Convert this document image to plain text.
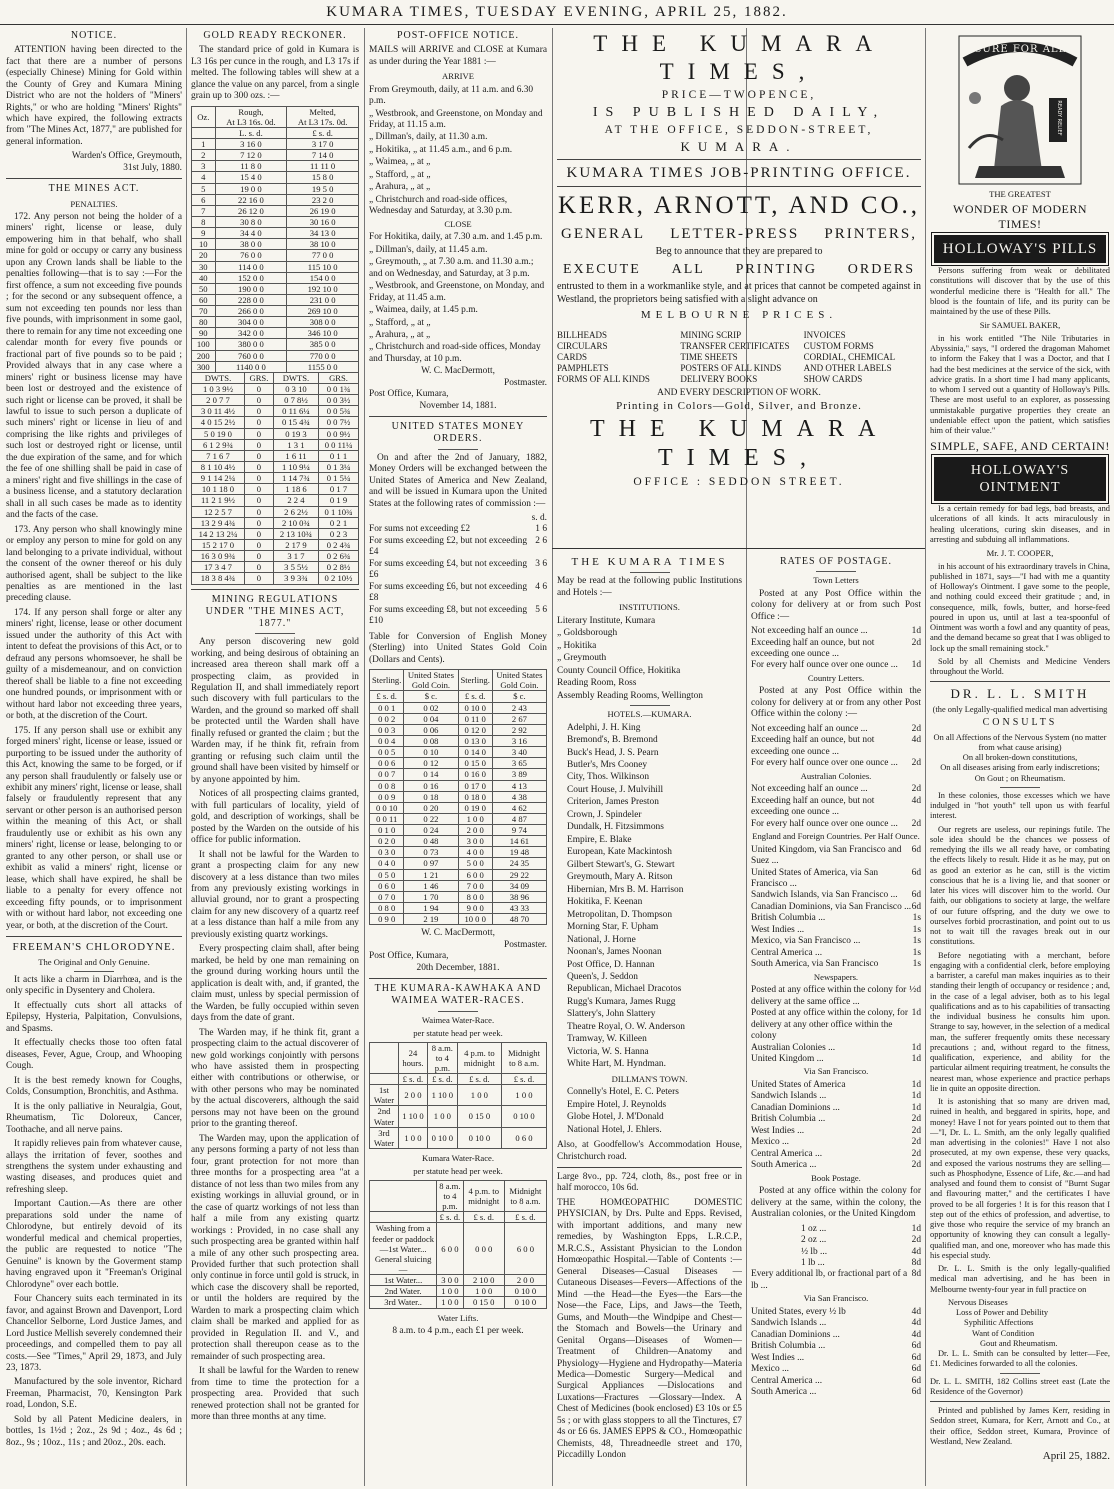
KUMARA TIMES, TUESDAY EVENING, APRIL 25, 1882.
NOTICE.

ATTENTION having been directed to the fact that there are a number of persons (especially Chinese) Mining for Gold within the County of Grey and Kumara Mining District who are not the holders of "Miners' Rights," or who are holding "Miners' Rights" which have expired, the following extracts from "The Mines Act, 1877," are published for general information.

Warden's Office, Greymouth,
31st July, 1880.
THE MINES ACT.
PENALTIES.

172. Any person not being the holder of a miners' right, license or lease, duly empowering him in that behalf, who shall mine for gold or occupy or carry any business upon any Crown lands shall be liable to the penalties following—that is to say :—For the first offence, a sum not exceeding five pounds ; for the second or any subsequent offence, a sum not exceeding ten pounds nor less than five pounds, with imprisonment in some gaol, there to remain for any time not exceeding one calendar month for every five pounds or fractional part of five pounds so to be paid ; Provided always that in any case where a miners' right or business license may have been lost or destroyed and the existence of such right or license can be proved, it shall be lawful to issue to such person a duplicate of such miners' right or license in lieu of and comprising the like rights and privileges of such lost or destroyed right or license, until the due expiration of the same, and for which the fee of one shilling shall be paid in case of a miners' right and five shillings in the case of a business license, and a statutory declaration shall in all such cases be made as to identity and the facts of the case.

173. Any person who shall knowingly mine or employ any person to mine for gold on any land belonging to a private individual, without the consent of the owner thereof or his duly authorised agent, shall be subject to the like penalties as are mentioned in the last preceding clause.

174. If any person shall forge or alter any miners' right, license, lease or other document issued under the authority of this Act with intent to defeat the provisions of this Act, or to defraud any persons whomsoever, he shall be guilty of a misdemeanour, and on conviction thereof shall be liable to a fine not exceeding one hundred pounds, or imprisonment with or without hard labor not exceeding three years, or both, at the discretion of the Court.

175. If any person shall use or exhibit any forged miners' right, license or lease, issued or purporting to be issued under the authority of this Act, knowing the same to be forged, or if any person shall fraudulently or falsely use or exhibit any miners' right, license or lease, shall falsely or fraudulently represent that any servant or other person is an authorised person within the meaning of this Act, or shall fraudulently use or exhibit as his own any miners' right, license or lease, belonging to or granted to any other person, or shall use or exhibit as valid a miners' right, license or lease, which shall have expired, he shall be liable to a penalty for every offence not exceeding fifty pounds, or to imprisonment with or without hard labor, not exceeding one year, or both, at the discretion of the Court.

FREEMAN'S CHLORODYNE.
The Original and Only Genuine.

It acts like a charm in Diarrhœa, and is the only specific in Dysentery and Cholera.

It effectually cuts short all attacks of Epilepsy, Hysteria, Palpitation, Convulsions, and Spasms.

It effectually checks those too often fatal diseases, Fever, Ague, Croup, and Whooping Cough.

It is the best remedy known for Coughs, Colds, Consumption, Bronchitis, and Asthma.

It is the only palliative in Neuralgia, Gout, Rheumatism, Tic Doloreux, Cancer, Toothache, and all nerve pains.

It rapidly relieves pain from whatever cause, allays the irritation of fever, soothes and strengthens the system under exhausting and wasting diseases, and produces quiet and refreshing sleep.

Important Caution.—As there are other preparations sold under the name of Chlorodyne, but entirely devoid of its wonderful medical and chemical properties, the public are requested to notice "The Genuine" is known by the Goverment stamp having engraved upon it "Freeman's Original Chlorodyne" over each bottle.

Four Chancery suits each terminated in its favor, and against Brown and Davenport, Lord Chancellor Selborne, Lord Justice James, and Lord Justice Mellish severely condemned their proceedings, and compelled them to pay all costs.—See "Times," April 29, 1873, and July 23, 1873.

Manufactured by the sole inventor, Richard Freeman, Pharmacist, 70, Kensington Park road, London, S.E.

Sold by all Patent Medicine dealers, in bottles, 1s 1½d ; 2oz., 2s 9d ; 4oz., 4s 6d ; 8oz., 9s ; 10oz., 11s ; and 20oz., 20s. each.

GOLD READY RECKONER.

The standard price of gold in Kumara is L3 16s per cunce in the rough, and L3 17s if melted. The following tables will shew at a glance the value on any parcel, from a single grain up to 300 ozs. :—

Oz.	Rough,
At L3 16s. 0d.	Melted,
At L3 17s. 0d.
	L. s. d.	£ s. d.
1	3 16 0	3 17 0
2	7 12 0	7 14 0
3	11 8 0	11 11 0
4	15 4 0	15 8 0
5	19 0 0	19 5 0
6	22 16 0	23 2 0
7	26 12 0	26 19 0
8	30 8 0	30 16 0
9	34 4 0	34 13 0
10	38 0 0	38 10 0
20	76 0 0	77 0 0
30	114 0 0	115 10 0
40	152 0 0	154 0 0
50	190 0 0	192 10 0
60	228 0 0	231 0 0
70	266 0 0	269 10 0
80	304 0 0	308 0 0
90	342 0 0	346 10 0
100	380 0 0	385 0 0
200	760 0 0	770 0 0
300	1140 0 0	1155 0 0
DWTS.	GRS.	DWTS.	GRS.
1 0 3 9½	0	0 3 10	0 0 1¾
2 0 7 7	0	0 7 8½	0 0 3½
3 0 11 4½	0	0 11 6¼	0 0 5¾
4 0 15 2½	0	0 15 4¾	0 0 7½
5 0 19 0	0	0 19 3	0 0 9½
6 1 2 9¾	0	1 3 1	0 0 11¼
7 1 6 7	0	1 6 11	0 1 1
8 1 10 4½	0	1 10 9¼	0 1 3¼
9 1 14 2¼	0	1 14 7¾	0 1 5¼
10 1 18 0	0	1 18 6	0 1 7
11 2 1 9½	0	2 2 4	0 1 9
12 2 5 7	0	2 6 2½	0 1 10¾
13 2 9 4¾	0	2 10 0¾	0 2 1
14 2 13 2¼	0	2 13 10¾	0 2 3
15 2 17 0	0	2 17 9	0 2 4¾
16 3 0 9¾	0	3 1 7	0 2 6¾
17 3 4 7	0	3 5 5½	0 2 8½
18 3 8 4¾	0	3 9 3¾	0 2 10½
MINING REGULATIONS UNDER "THE MINES ACT, 1877."

Any person discovering new gold working, and being desirous of obtaining an increased area thereon shall mark off a prospecting claim, as provided in Regulation II, and shall immediately report such discovery with full particulars to the Warden, and the ground so marked off shall be protected until the Warden shall have finally refused or granted the claim ; but the Warden may, if he think fit, refrain from granting or refusing such claim until the ground shall have been visited by himself or by anyone appointed by him.

Notices of all prospecting claims granted, with full particulars of locality, yield of gold, and description of workings, shall be posted by the Warden on the outside of his office for public information.

It shall not be lawful for the Warden to grant a prospecting claim for any new discovery at a less distance than two miles from any previously existing workings in alluvial ground, nor to grant a prospecting claim for any new discovery of a quartz reef at a less distance than half a mile from any previously existing quartz workings.

Every prospecting claim shall, after being marked, be held by one man remaining on the ground during working hours until the application is dealt with, and, if granted, the claim must, unless by special permission of the Warden, be fully occupied within seven days from the date of grant.

The Warden may, if he think fit, grant a prospecting claim to the actual discoverer of new gold workings conjointly with persons who have assisted them in prospecting either with contributions or otherwise, or with other persons who may be nominated by the actual discoverers, although the said persons may not have been on the ground prior to the granting thereof.

The Warden may, upon the application of any persons forming a party of not less than four, grant protection for not more than three months for a prospecting area "at a distance of not less than two miles from any existing workings in alluvial ground, or in the case of quartz workings of not less than half a mile from any existing quartz workings : Provided, in no case shall any such prospecting area be granted within half a mile of any other such prospecting area. Provided further that such protection shall only continue in force until gold is struck, in which case the discovery shall be reported, or until the holders are required by the Warden to mark a prospecting claim which claim shall be marked and applied for as provided in Regulation II. and V., and protection shall thereupon cease as to the remainder of such prospecting area.

It shall be lawful for the Warden to renew from time to time the protection for a prospecting area. Provided that such renewed protection shall not be granted for more than three months at any time.

POST-OFFICE NOTICE.

MAILS will ARRIVE and CLOSE at Kumara as under during the Year 1881 :—

ARRIVE
From Greymouth, daily, at 11 a.m. and 6.30 p.m.
„ Westbrook, and Greenstone, on Monday and Friday, at 11.15 a.m.
„ Dillman's, daily, at 11.30 a.m.
„ Hokitika, „ at 11.45 a.m., and 6 p.m.
„ Waimea, „ at „
„ Stafford, „ at „
„ Arahura, „ at „
„ Christchurch and road-side offices, Wednesday and Saturday, at 3.30 p.m.
CLOSE
For Hokitika, daily, at 7.30 a.m. and 1.45 p.m.
„ Dillman's, daily, at 11.45 a.m.
„ Greymouth, „ at 7.30 a.m. and 11.30 a.m.; and on Wednesday, and Saturday, at 3 p.m.
„ Westbrook, and Greenstone, on Monday, and Friday, at 11.45 a.m.
„ Waimea, daily, at 1.45 p.m.
„ Stafford, „ at „
„ Arahura, „ at „
„ Christchurch and road-side offices, Monday and Thursday, at 10 p.m.
W. C. MacDermott,
Postmaster.
Post Office, Kumara,
November 14, 1881.
UNITED STATES MONEY ORDERS.

On and after the 2nd of January, 1882, Money Orders will be exchanged between the United States of America and New Zealand, and will be issued in Kumara upon the United States at the following rates of commission :—

s. d.
For sums not exceeding £2	1 6
For sums exceeding £2, but not exceeding £4
2 6
For sums exceeding £4, but not exceeding £6
3 6
For sums exceeding £6, but not exceeding £8
4 6
For sums exceeding £8, but not exceeding £10
5 6

Table for Conversion of English Money (Sterling) into United States Gold Coin (Dollars and Cents).

Sterling.	United States Gold Coin.	Sterling.	United States Gold Coin.
£ s. d.	$ c.	£ s. d.	$ c.
0 0 1	0 02	0 10 0	2 43
0 0 2	0 04	0 11 0	2 67
0 0 3	0 06	0 12 0	2 92
0 0 4	0 08	0 13 0	3 16
0 0 5	0 10	0 14 0	3 40
0 0 6	0 12	0 15 0	3 65
0 0 7	0 14	0 16 0	3 89
0 0 8	0 16	0 17 0	4 13
0 0 9	0 18	0 18 0	4 38
0 0 10	0 20	0 19 0	4 62
0 0 11	0 22	1 0 0	4 87
0 1 0	0 24	2 0 0	9 74
0 2 0	0 48	3 0 0	14 61
0 3 0	0 73	4 0 0	19 48
0 4 0	0 97	5 0 0	24 35
0 5 0	1 21	6 0 0	29 22
0 6 0	1 46	7 0 0	34 09
0 7 0	1 70	8 0 0	38 96
0 8 0	1 94	9 0 0	43 33
0 9 0	2 19	10 0 0	48 70
W. C. MacDermott,
Postmaster.
Post Office, Kumara,
20th December, 1881.
THE KUMARA-KAWHAKA AND WAIMEA WATER-RACES.
Waimea Water-Race.
per statute head per week.
	24 hours.	8 a.m. to 4 p.m.	4 p.m. to midnight	Midnight to 8 a.m.
	£ s. d.	£ s. d.	£ s. d.	£ s. d.
1st Water	2 0 0	1 10 0	1 0 0	1 0 0
2nd Water	1 10 0	1 0 0	0 15 0	0 10 0
3rd Water	1 0 0	0 10 0	0 10 0	0 6 0
Kumara Water-Race.
per statute head per week.
	8 a.m. to 4 p.m.	4 p.m. to midnight	Midnight to 8 a.m.
	£ s. d.	£ s. d.	£ s. d.
Washing from a feeder or paddock—1st Water... General sluicing—	6 0 0	0 0 0	6 0 0
1st Water...	3 0 0	2 10 0	2 0 0
2nd Water.	1 0 0	1 0 0	0 10 0
3rd Water..	1 0 0	0 15 0	0 10 0
Water Lifts.
8 a.m. to 4 p.m., each £1 per week.
THE KUMARA TIMES,
PRICE—TWOPENCE,
IS PUBLISHED DAILY,
AT THE OFFICE, SEDDON-STREET,
KUMARA.
KUMARA TIMES JOB-PRINTING OFFICE.
KERR, ARNOTT, AND CO.,
GENERAL LETTER-PRESS PRINTERS,
Beg to announce that they are prepared to
EXECUTE ALL PRINTING ORDERS

entrusted to them in a workmanlike style, and at prices that cannot be competed against in Westland, the proprietors being satisfied with a slight advance on

MELBOURNE PRICES.
BILLHEADS
CIRCULARS
CARDS
PAMPHLETS
FORMS OF ALL KINDS
MINING SCRIP
TRANSFER CERTIFICATES
TIME SHEETS
POSTERS OF ALL KINDS
DELIVERY BOOKS
INVOICES
CUSTOM FORMS
CORDIAL, CHEMICAL
AND OTHER LABELS
SHOW CARDS
AND EVERY DESCRIPTION OF WORK.
Printing in Colors—Gold, Silver, and Bronze.
THE KUMARA TIMES,
OFFICE : SEDDON STREET.
THE KUMARA TIMES

May be read at the following public Institutions and Hotels :—

INSTITUTIONS.
Literary Institute, Kumara
„ Goldsborough
„ Hokitika
„ Greymouth
County Council Office, Hokitika
Reading Room, Ross
Assembly Reading Rooms, Wellington
HOTELS.—KUMARA.
Adelphi, J. H. King
Bremond's, B. Bremond
Buck's Head, J. S. Pearn
Butler's, Mrs Cooney
City, Thos. Wilkinson
Court House, J. Mulvihill
Criterion, James Preston
Crown, J. Spindeler
Dundalk, H. Fitzsimmons
Empire, E. Blake
European, Kate Mackintosh
Gilbert Stewart's, G. Stewart
Greymouth, Mary A. Ritson
Hibernian, Mrs B. M. Harrison
Hokitika, F. Keenan
Metropolitan, D. Thompson
Morning Star, F. Upham
National, J. Horne
Noonan's, James Noonan
Post Office, D. Hannan
Queen's, J. Seddon
Republican, Michael Dracotos
Rugg's Kumara, James Rugg
Slattery's, John Slattery
Theatre Royal, O. W. Anderson
Tramway, W. Killeen
Victoria, W. S. Hanna
White Hart, M. Hyndman.
DILLMAN'S TOWN.
Connelly's Hotel, E. C. Peters
Empire Hotel, J. Reynolds
Globe Hotel, J. M'Donald
National Hotel, J. Ehlers.

Also, at Goodfellow's Accommodation House, Christchurch road.

Large 8vo., pp. 724, cloth, 8s., post free or in half morocco, 10s 6d.

THE HOMŒOPATHIC DOMESTIC PHYSICIAN, by Drs. Pulte and Epps. Revised, with important additions, and many new remedies, by Washington Epps, L.R.C.P., M.R.C.S., Assistant Physician to the London Homœopathic Hospital.—Table of Contents :—General Diseases—Casual Diseases — Cutaneous Diseases—Fevers—Affections of the Mind —the Head—the Eyes—the Ears—the Nose—the Face, Lips, and Jaws—the Teeth, Gums, and Mouth—the Windpipe and Chest—the Stomach and Bowels—the Urinary and Genital Organs—Diseases of Women—Treatment of Children—Anatomy and Physiology—Hygiene and Hydropathy—Materia Medica—Domestic Surgery—Medical and Surgical Appliances —Dislocations and Luxations—Fractures —Glossary—Index. A Chest of Medicines (book enclosed) £3 10s or £5 5s ; or with glass stoppers to all the Tinctures, £7 4s or £6 6s. JAMES EPPS & CO., Homœopathic Chemists, 48, Threadneedle street and 170, Piccadilly London

RATES OF POSTAGE.
Town Letters

Posted at any Post Office within the colony for delivery at or from such Post Office :—

Not exceeding half an ounce ...	1d
Exceeding half an ounce, but not exceeding one ounce ...
2d
For every half ounce over one ounce ...	1d
Country Letters.

Posted at any Post Office within the colony for delivery at or from any other Post Office within the colony :—

Not exceeding half an ounce ...	2d
Exceeding half an ounce, but not exceeding one ounce ...
4d
For every half ounce over one ounce ...	2d
Australian Colonies.
Not exceeding half an ounce ...	2d
Exceeding half an ounce, but not exceeding one ounce ...
4d
For every half ounce over one ounce ...	2d
England and Foreign Countries. Per Half Ounce.
United Kingdom, via San Francisco and Suez ...
6d
United States of America, via San Francisco ...
6d
Sandwich Islands, via San Francisco ...	6d
Canadian Dominions, via San Francisco ... 6d
British Columbia ...	1s
West Indies ...	1s
Mexico, via San Francisco ...	1s
Central America ...	1s
South America, via San Francisco	1s
Newspapers.
Posted at any office within the colony for delivery at the same office ...
½d
Posted at any office within the colony, for delivery at any other office within the colony
1d
Australian Colonies ...	1d
United Kingdom ...	1d
Via San Francisco.
United States of America	1d
Sandwich Islands ...	1d
Canadian Dominions ...	1d
British Columbia ...	2d
West Indies ...	2d
Mexico ...	2d
Central America ...	2d
South America ...	2d
Book Postage.

Posted at any office within the colony for delivery at the same, within the colony, the Australian colonies, or the United Kingdom

1 oz ...	1d
2 oz ...	2d
½ lb ...	4d
1 lb ...	8d
Every additional lb, or fractional part of a lb ...
8d
Via San Francisco.
United States, every ½ lb	4d
Sandwich Islands ...	4d
Canadian Dominions ...	4d
British Columbia ...	6d
West Indies ...	6d
Mexico ...	6d
Central America ...	6d
South America ...	6d
CURE FOR ALL
READY RELIEF
THE GREATEST
WONDER OF MODERN TIMES!
HOLLOWAY'S PILLS

Persons suffering from weak or debilitated constitutions will discover that by the use of this wonderful medicine there is "Health for all." The blood is the fountain of life, and its purity can be maintained by the use of these Pills.

Sir SAMUEL BAKER,

in his work entitled "The Nile Tributaries in Abyssinia," says, "I ordered the dragoman Mahomet to inform the Fakey that I was a Doctor, and that I had the best medicines at the service of the sick, with advice gratis. In a short time I had many applicants, to whom I served out a quantity of Holloway's Pills. These are most useful to an explorer, as possessing unmistakable purgative properties they create an undeniable effect upon the patient, which satisfies him of their value."

SIMPLE, SAFE, AND CERTAIN!
HOLLOWAY'S OINTMENT

Is a certain remedy for bad legs, bad breasts, and ulcerations of all kinds. It acts miraculously in healing ulcerations, curing skin diseases, and in arresting and subduing all inflammations.

Mr. J. T. COOPER,

in his account of his extraordinary travels in China, published in 1871, says—"I had with me a quantity of Holloway's Ointment. I gave some to the people, and nothing could exceed their gratitude ; and, in consequence, milk, fowls, butter, and horse-feed poured in upon us, until at last a tea-spoonful of Ointment was worth a fowl and any quantity of peas, and the demand became so great that I was obliged to lock up the small remaining stock."

Sold by all Chemists and Medicine Venders throughout the World.

DR. L. L. SMITH
(the only Legally-qualified medical man advertising
CONSULTS
On all Affections of the Nervous System (no matter from what cause arising)
On all broken-down constitutions,
On all diseases arising from early indiscretions;
On Gout ; on Rheumatism.

In these colonies, those excesses which we have indulged in "hot youth" tell upon us with fearful interest.

Our regrets are useless, our repinings futile. The sole idea should be the chances we possess of remedying the ills we all ready have, or combating the effects likely to result. Hide it as he may, put on as good an exterior as he can, still is the victim conscious that he is a living lie, and that sooner or later his vices will discover him to the world. Our faith, our obligations to society at large, the welfare of our future offspring, and the duty we owe to ourselves forbid procrastination, and point out to us not to wait till the ravages break out in our constitutions.

Before negotiating with a merchant, before engaging with a confidential clerk, before employing a barrister, a careful man makes inquiries as to their standing their length of occupancy or residence ; and, in the case of a legal adviser, both as to his legal qualifications and as to his capabilities of transacting the individual business he consults him upon. Strange to say, however, in the selection of a medical man, the sufferer frequently omits these necessary precautions ; and, without regard to the fitness, qualification, experience, and ability for the particular ailment requiring treatment, he consults the nearest man, whose experience and practice perhaps lie in quite an opposite direction.

It is astonishing that so many are driven mad, ruined in health, and beggared in spirits, hope, and money! Have I not for years pointed out to them that—"I, Dr. L. L. Smith, am the only legally qualified man advertising in the colonies!" Have I not also prosecuted, at my own expense, these very quacks, and exposed the various nostrums they are selling—such as Phosphodyne, Essence of Life, &c.—and had analysed and found them to consist of "Burnt Sugar and flavouring matter," and the certificates I have proved to be all forgeries ! It is for this reason that I step out of the ethics of profession, and advertise, to give those who require the service of my branch an opportunity of knowing they can consult a legally-qualified man, and one, moreover who has made this his especial study.

Dr. L. L. Smith is the only legally-qualified medical man advertising, and he has been in Melbourne twenty-four year in full practice on

Nervous Diseases
Loss of Power and Debility
Syphilitic Affections
Want of Condition
Gout and Rheumatism.

Dr. L. L. Smith can be consulted by letter—Fee, £1. Medicines forwarded to all the colonies.

Dr. L. L. SMITH, 182 Collins street east (Late the Residence of the Governor)

Printed and published by James Kerr, residing in Seddon street, Kumara, for Kerr, Arnott and Co., at their office, Seddon street, Kumara, Province of Westland, New Zealand.

April 25, 1882.
